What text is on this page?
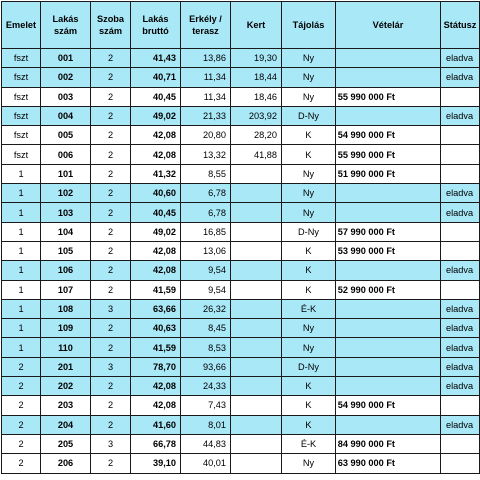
Emelet	Lakás szám	Szoba szám	Lakás bruttó	Erkély / terasz	Kert	Tájolás	Vételár	Státusz
fszt	001	2	41,43	13,86	19,30	Ny		eladva
fszt	002	2	40,71	11,34	18,44	Ny		eladva
fszt	003	2	40,45	11,34	18,46	Ny	55 990 000 Ft	
fszt	004	2	49,02	21,33	203,92	D-Ny		eladva
fszt	005	2	42,08	20,80	28,20	K	54 990 000 Ft	
fszt	006	2	42,08	13,32	41,88	K	55 990 000 Ft	
1	101	2	41,32	8,55		Ny	51 990 000 Ft	
1	102	2	40,60	6,78		Ny		eladva
1	103	2	40,45	6,78		Ny		eladva
1	104	2	49,02	16,85		D-Ny	57 990 000 Ft	
1	105	2	42,08	13,06		K	53 990 000 Ft	
1	106	2	42,08	9,54		K		eladva
1	107	2	41,59	9,54		K	52 990 000 Ft	
1	108	3	63,66	26,32		É-K		eladva
1	109	2	40,63	8,45		Ny		eladva
1	110	2	41,59	8,53		Ny		eladva
2	201	3	78,70	93,66		D-Ny		eladva
2	202	2	42,08	24,33		K		eladva
2	203	2	42,08	7,43		K	54 990 000 Ft	
2	204	2	41,60	8,01		K		eladva
2	205	3	66,78	44,83		É-K	84 990 000 Ft	
2	206	2	39,10	40,01		Ny	63 990 000 Ft	
